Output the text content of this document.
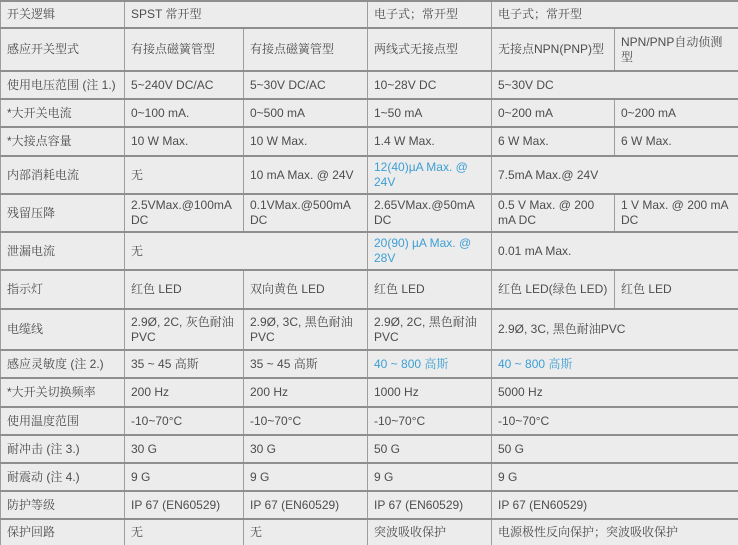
开关逻辑	SPST 常开型		电子式；常开型	电子式；常开型	
感应开关型式	有接点磁簧管型	有接点磁簧管型	两线式无接点型	无接点NPN(PNP)型	NPN/PNP自动侦测型
使用电压范围 (注 1.)	5~240V DC/AC	5~30V DC/AC	10~28V DC	5~30V DC	
*大开关电流	0~100 mA.	0~500 mA	1~50 mA	0~200 mA	0~200 mA
*大接点容量	10 W Max.	10 W Max.	1.4 W Max.	6 W Max.	6 W Max.
内部消耗电流	无	10 mA Max. @ 24V	12(40)µA Max. @ 24V	7.5mA Max.@ 24V	
残留压降	2.5VMax.@100mA DC	0.1VMax.@500mA DC	2.65VMax.@50mA DC	0.5 V Max. @ 200 mA DC	1 V Max. @ 200 mA DC
泄漏电流	无		20(90) µA Max. @ 28V	0.01 mA Max.	
指示灯	红色 LED	双向黄色 LED	红色 LED	红色 LED(绿色 LED)	红色 LED
电缆线	2.9Ø, 2C, 灰色耐油 PVC	2.9Ø, 3C, 黑色耐油 PVC	2.9Ø, 2C, 黑色耐油PVC	2.9Ø, 3C, 黑色耐油PVC	
感应灵敏度 (注 2.)	35 ~ 45 高斯	35 ~ 45 高斯	40 ~ 800 高斯	40 ~ 800 高斯	
*大开关切换频率	200 Hz	200 Hz	1000 Hz	5000 Hz	
使用温度范围	-10~70°C	-10~70°C	-10~70°C	-10~70°C	
耐冲击 (注 3.)	30 G	30 G	50 G	50 G	
耐震动 (注 4.)	9 G	9 G	9 G	9 G	
防护等级	IP 67 (EN60529)	IP 67 (EN60529)	IP 67 (EN60529)	IP 67 (EN60529)	
保护回路	无	无	突波吸收保护	电源极性反向保护；突波吸收保护	
